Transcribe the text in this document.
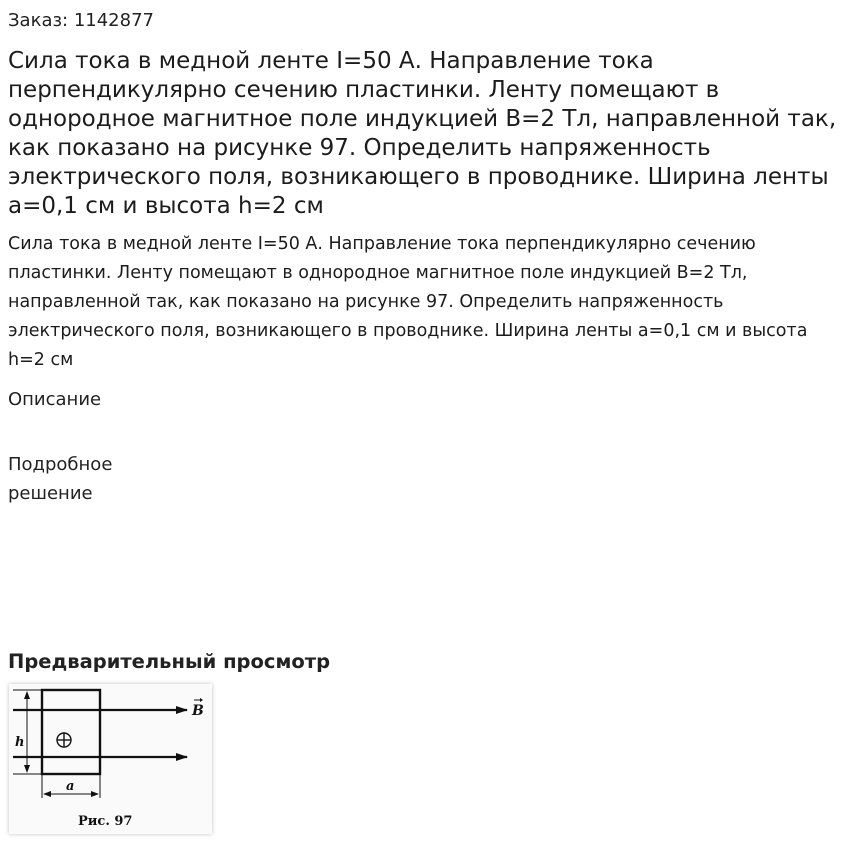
Заказ: 1142877
Сила тока в медной ленте I=50 А. Направление тока перпендикулярно сечению пластинки. Ленту помещают в однородное магнитное поле индукцией B=2 Тл, направленной так, как показано на рисунке 97. Определить напряженность электрического поля, возникающего в проводнике. Ширина ленты a=0,1 см и высота h=2 см

Сила тока в медной ленте I=50 А. Направление тока перпендикулярно сечению пластинки. Ленту помещают в однородное магнитное поле индукцией B=2 Тл, направленной так, как показано на рисунке 97. Определить напряженность электрического поля, возникающего в проводнике. Ширина ленты a=0,1 см и высота h=2 см

Описание
Подробное решение
Предварительный просмотр
h
a
B
Рис. 97
